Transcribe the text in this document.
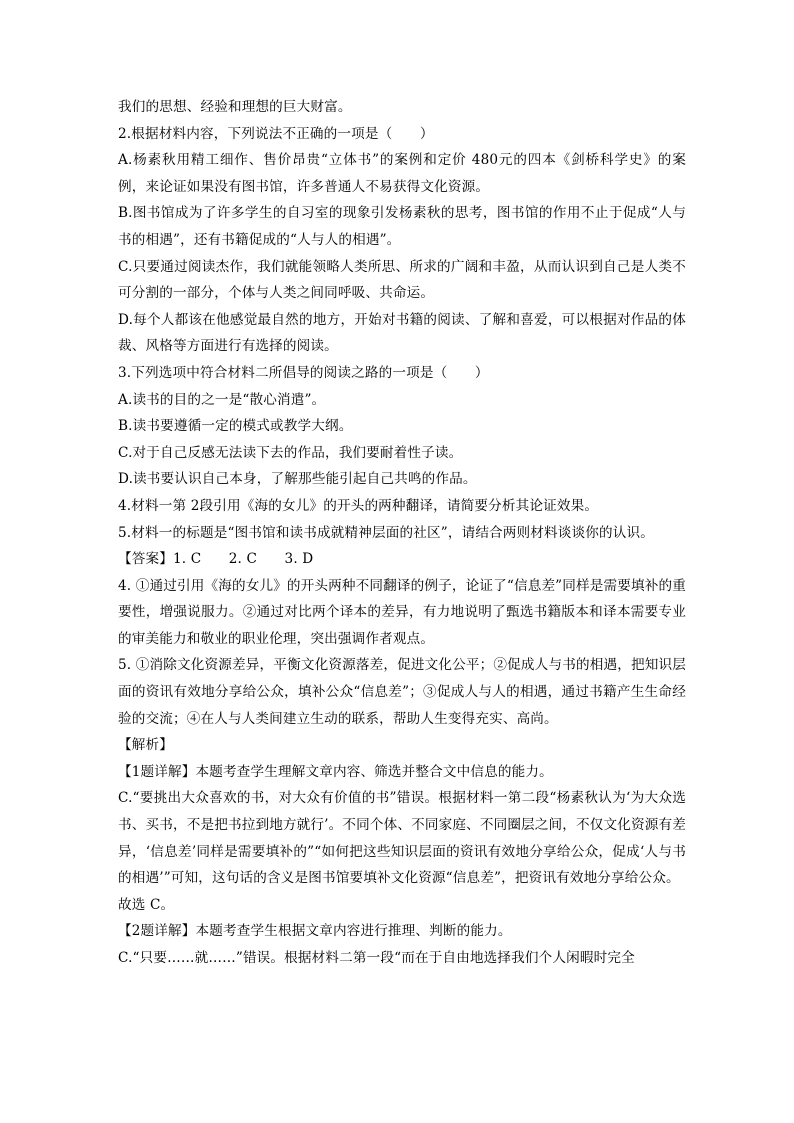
我们的思想、经验和理想的巨大财富。

2.根据材料内容，下列说法不正确的一项是（　　）

A.杨素秋用精工细作、售价昂贵“立体书”的案例和定价 480元的四本《剑桥科学史》的案例，来论证如果没有图书馆，许多普通人不易获得文化资源。

B.图书馆成为了许多学生的自习室的现象引发杨素秋的思考，图书馆的作用不止于促成“人与书的相遇”，还有书籍促成的“人与人的相遇”。

C.只要通过阅读杰作，我们就能领略人类所思、所求的广阔和丰盈，从而认识到自己是人类不可分割的一部分，个体与人类之间同呼吸、共命运。

D.每个人都该在他感觉最自然的地方，开始对书籍的阅读、了解和喜爱，可以根据对作品的体裁、风格等方面进行有选择的阅读。

3.下列选项中符合材料二所倡导的阅读之路的一项是（　　）

A.读书的目的之一是“散心消遣”。

B.读书要遵循一定的模式或教学大纲。

C.对于自己反感无法读下去的作品，我们要耐着性子读。

D.读书要认识自己本身，了解那些能引起自己共鸣的作品。

4.材料一第 2段引用《海的女儿》的开头的两种翻译，请简要分析其论证效果。

5.材料一的标题是“图书馆和读书成就精神层面的社区”，请结合两则材料谈谈你的认识。

【答案】1. C　　2. C　　3. D

4. ①通过引用《海的女儿》的开头两种不同翻译的例子，论证了“信息差”同样是需要填补的重要性，增强说服力。②通过对比两个译本的差异，有力地说明了甄选书籍版本和译本需要专业的审美能力和敬业的职业伦理，突出强调作者观点。

5. ①消除文化资源差异，平衡文化资源落差，促进文化公平；②促成人与书的相遇，把知识层面的资讯有效地分享给公众，填补公众“信息差”；③促成人与人的相遇，通过书籍产生生命经验的交流；④在人与人类间建立生动的联系，帮助人生变得充实、高尚。

【解析】

【1题详解】本题考查学生理解文章内容、筛选并整合文中信息的能力。

C.“要挑出大众喜欢的书，对大众有价值的书”错误。根据材料一第二段“杨素秋认为‘为大众选书、买书，不是把书拉到地方就行’。不同个体、不同家庭、不同圈层之间，不仅文化资源有差异，‘信息差’同样是需要填补的”“如何把这些知识层面的资讯有效地分享给公众，促成‘人与书的相遇’”可知，这句话的含义是图书馆要填补文化资源“信息差”，把资讯有效地分享给公众。

故选 C。

【2题详解】本题考查学生根据文章内容进行推理、判断的能力。

C.“只要……就……”错误。根据材料二第一段“而在于自由地选择我们个人闲暇时完全
